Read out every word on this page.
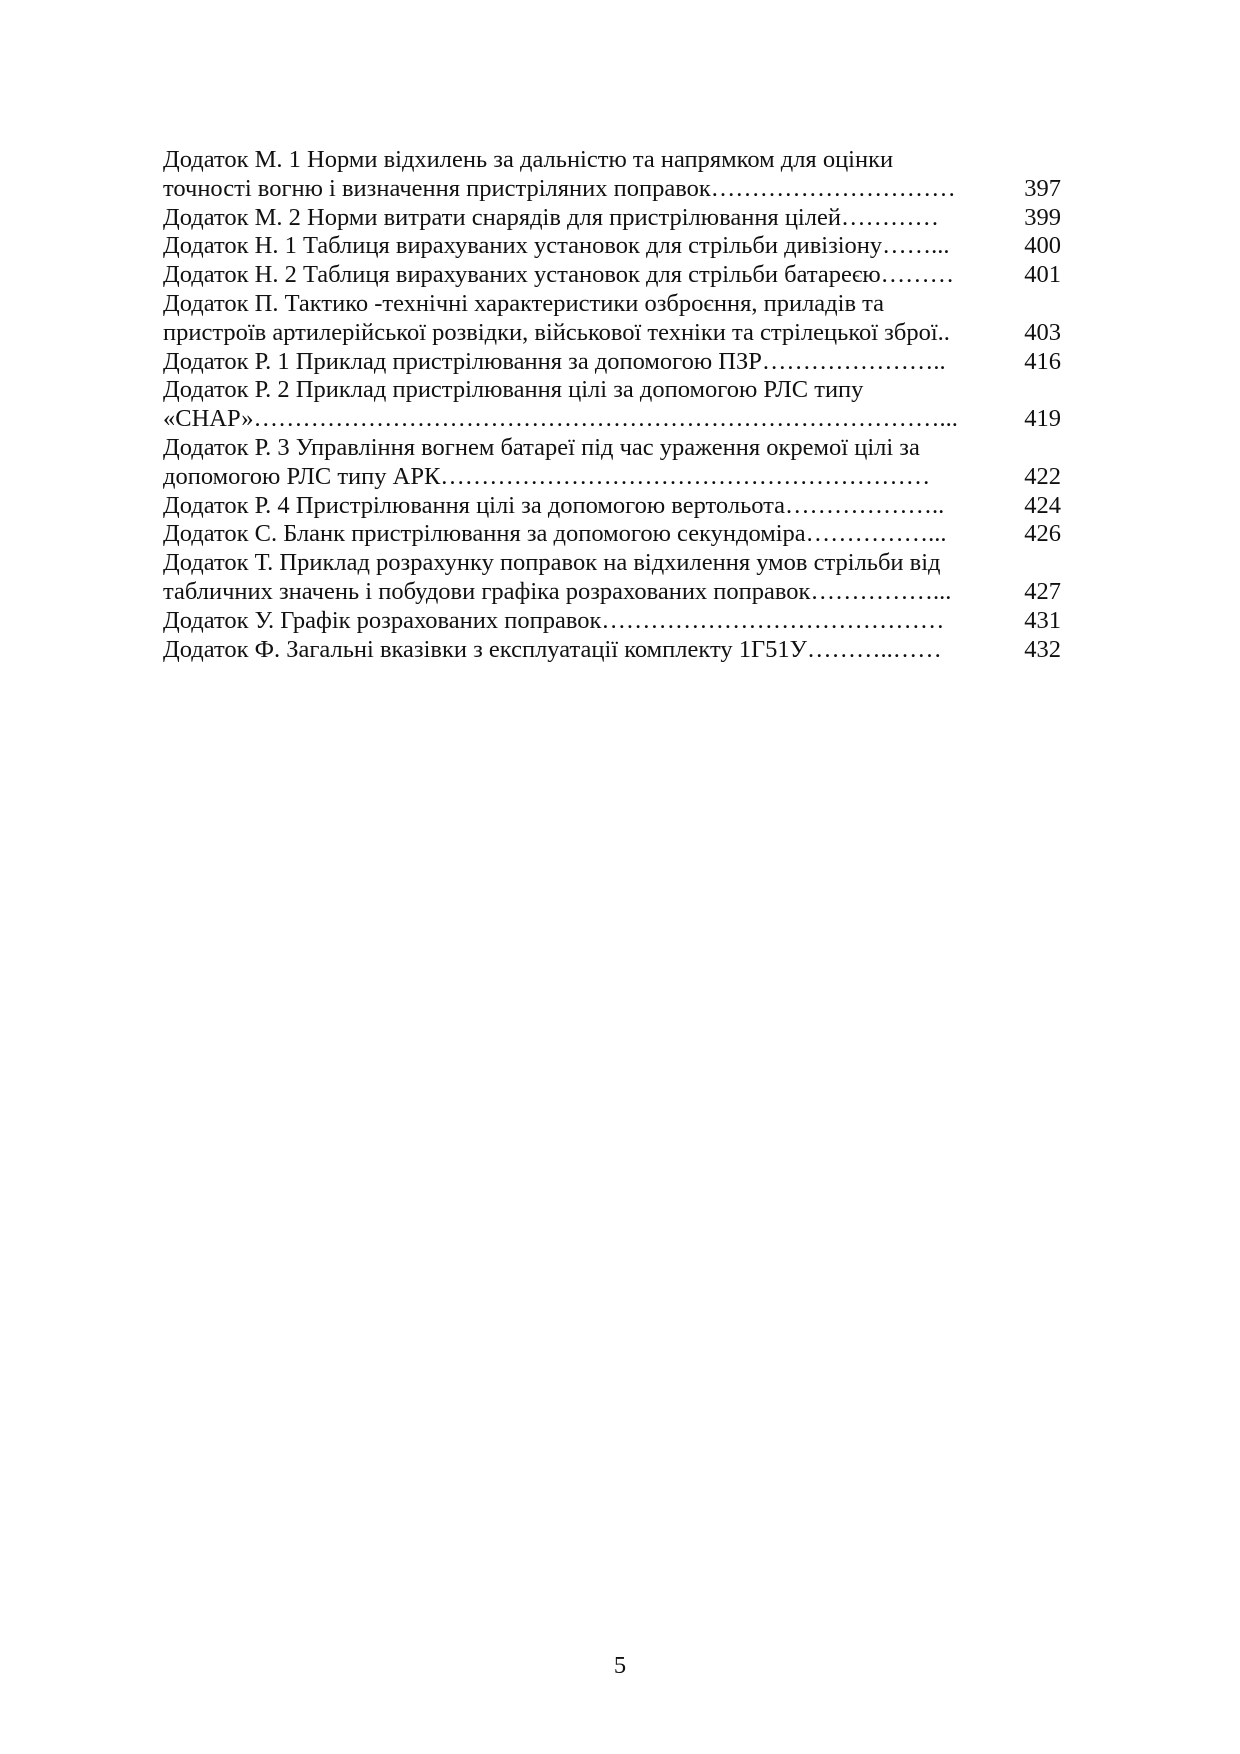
Додаток М. 1 Норми відхилень за дальністю та напрямком для оцінки
точності вогню і визначення пристріляних поправок…………………………	397
Додаток М. 2 Норми витрати снарядів для пристрілювання цілей…………	399
Додаток Н. 1 Таблиця вирахуваних установок для стрільби дивізіону……...	400
Додаток Н. 2 Таблиця вирахуваних установок для стрільби батареєю………	401
Додаток П. Тактико -технічні характеристики озброєння, приладів та
пристроїв артилерійської розвідки, військової техніки та стрілецької зброї..	403
Додаток Р. 1 Приклад пристрілювання за допомогою ПЗР…………………..	416
Додаток Р. 2 Приклад пристрілювання цілі за допомогою РЛС типу
«СНАР»…………………………………………………………………………...	419
Додаток Р. 3 Управління вогнем батареї під час ураження окремої цілі за
допомогою РЛС типу АРК……………………………………………………	422
Додаток Р. 4 Пристрілювання цілі за допомогою вертольота………………..	424
Додаток С. Бланк пристрілювання за допомогою секундоміра……………...	426
Додаток Т. Приклад розрахунку поправок на відхилення умов стрільби від
табличних значень і побудови графіка розрахованих поправок……………...	427
Додаток У. Графік розрахованих поправок……………………………………	431
Додаток Ф. Загальні вказівки з експлуатації комплекту 1Г51У………..……	432
5
